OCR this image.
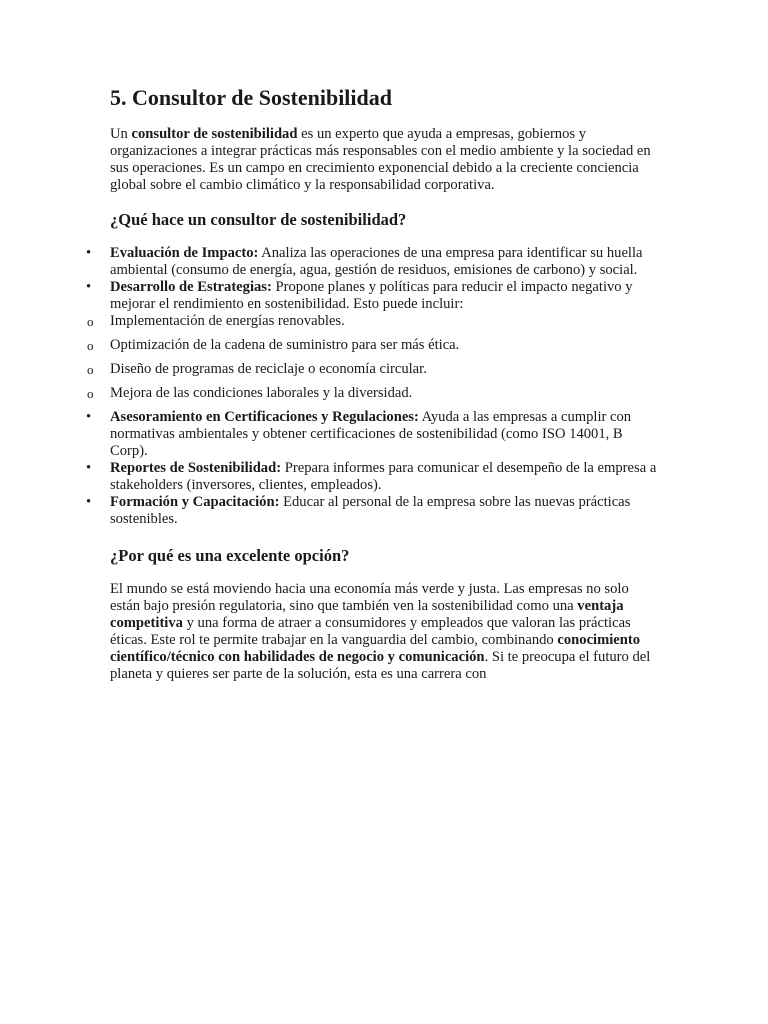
5. Consultor de Sostenibilidad

Un consultor de sostenibilidad es un experto que ayuda a empresas, gobiernos y organizaciones a integrar prácticas más responsables con el medio ambiente y la sociedad en sus operaciones. Es un campo en crecimiento exponencial debido a la creciente conciencia global sobre el cambio climático y la responsabilidad corporativa.

¿Qué hace un consultor de sostenibilidad?
•	Evaluación de Impacto: Analiza las operaciones de una empresa para identificar su huella ambiental (consumo de energía, agua, gestión de residuos, emisiones de carbono) y social.
•	Desarrollo de Estrategias: Propone planes y políticas para reducir el impacto negativo y mejorar el rendimiento en sostenibilidad. Esto puede incluir:
o Implementación de energías renovables.
o Optimización de la cadena de suministro para ser más ética.
o Diseño de programas de reciclaje o economía circular.
o Mejora de las condiciones laborales y la diversidad.
•	Asesoramiento en Certificaciones y Regulaciones: Ayuda a las empresas a cumplir con normativas ambientales y obtener certificaciones de sostenibilidad (como ISO 14001, B Corp).
•	Reportes de Sostenibilidad: Prepara informes para comunicar el desempeño de la empresa a stakeholders (inversores, clientes, empleados).
•	Formación y Capacitación: Educar al personal de la empresa sobre las nuevas prácticas sostenibles.
¿Por qué es una excelente opción?

El mundo se está moviendo hacia una economía más verde y justa. Las empresas no solo están bajo presión regulatoria, sino que también ven la sostenibilidad como una ventaja competitiva y una forma de atraer a consumidores y empleados que valoran las prácticas éticas. Este rol te permite trabajar en la vanguardia del cambio, combinando conocimiento científico/técnico con habilidades de negocio y comunicación. Si te preocupa el futuro del planeta y quieres ser parte de la solución, esta es una carrera con
